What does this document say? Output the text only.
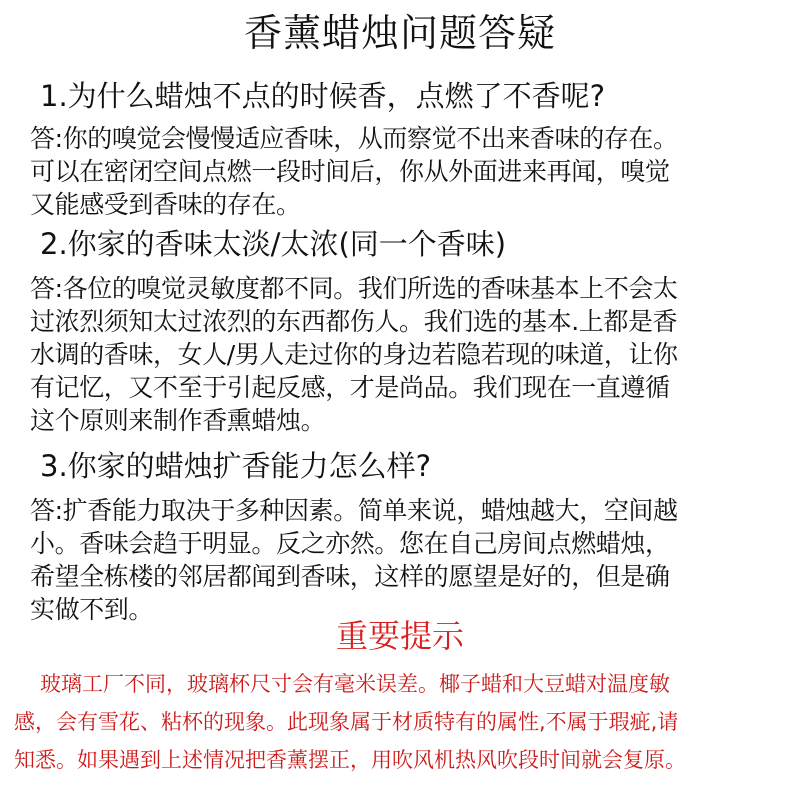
香薰蜡烛问题答疑
1.为什么蜡烛不点的时候香，点燃了不香呢?
答:你的嗅觉会慢慢适应香味，从而察觉不出来香味的存在。
可以在密闭空间点燃一段时间后，你从外面进来再闻，嗅觉
又能感受到香味的存在。
2.你家的香味太淡/太浓(同一个香味)
答:各位的嗅觉灵敏度都不同。我们所选的香味基本上不会太
过浓烈须知太过浓烈的东西都伤人。我们选的基本.上都是香
水调的香味，女人/男人走过你的身边若隐若现的味道，让你
有记忆，又不至于引起反感，才是尚品。我们现在一直遵循
这个原则来制作香熏蜡烛。
3.你家的蜡烛扩香能力怎么样?
答:扩香能力取决于多种因素。简单来说，蜡烛越大，空间越
小。香味会趋于明显。反之亦然。您在自己房间点燃蜡烛，
希望全栋楼的邻居都闻到香味，这样的愿望是好的，但是确
实做不到。
重要提示
玻璃工厂不同，玻璃杯尺寸会有毫米误差。椰子蜡和大豆蜡对温度敏
感，会有雪花、粘杯的现象。此现象属于材质特有的属性,不属于瑕疵,请
知悉。如果遇到上述情况把香薰摆正，用吹风机热风吹段时间就会复原。
